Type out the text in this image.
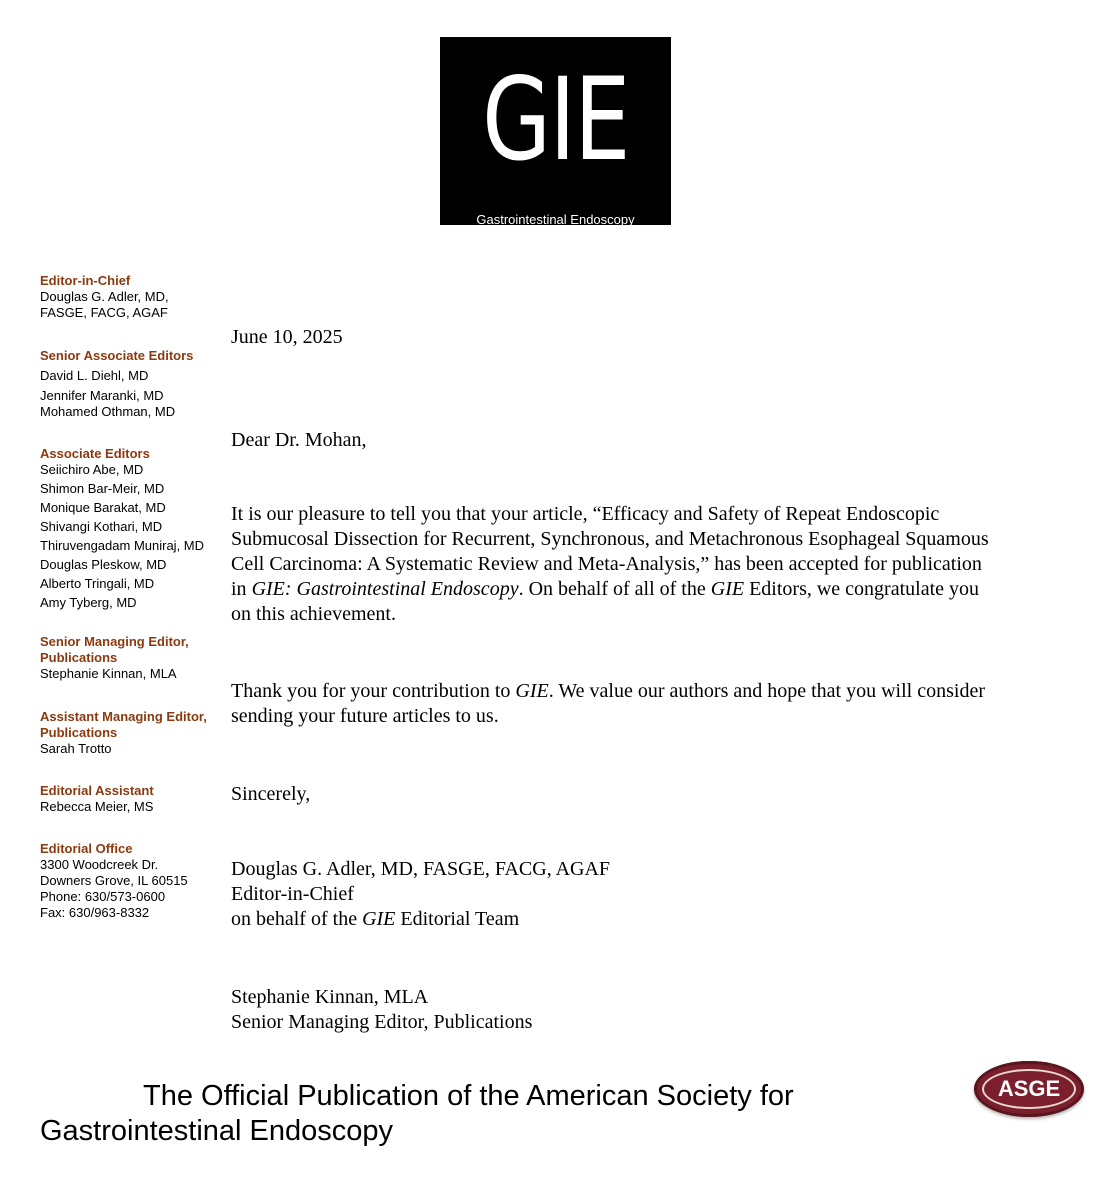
GIE
Gastrointestinal Endoscopy
Editor-in-Chief
Douglas G. Adler, MD,
FASGE, FACG, AGAF
Senior Associate Editors
David L. Diehl, MD
Jennifer Maranki, MD
Mohamed Othman, MD
Associate Editors
Seiichiro Abe, MD
Shimon Bar-Meir, MD
Monique Barakat, MD
Shivangi Kothari, MD
Thiruvengadam Muniraj, MD
Douglas Pleskow, MD
Alberto Tringali, MD
Amy Tyberg, MD
Senior Managing Editor, Publications
Stephanie Kinnan, MLA
Assistant Managing Editor, Publications
Sarah Trotto
Editorial Assistant
Rebecca Meier, MS
Editorial Office
3300 Woodcreek Dr.
Downers Grove, IL 60515
Phone: 630/573-0600
Fax: 630/963-8332
June 10, 2025
Dear Dr. Mohan,

It is our pleasure to tell you that your article, “Efficacy and Safety of Repeat Endoscopic Submucosal Dissection for Recurrent, Synchronous, and Metachronous Esophageal Squamous Cell Carcinoma: A Systematic Review and Meta-Analysis,” has been accepted for publication in GIE: Gastrointestinal Endoscopy. On behalf of all of the GIE Editors, we congratulate you on this achievement.

Thank you for your contribution to GIE. We value our authors and hope that you will consider sending your future articles to us.

Sincerely,
Douglas G. Adler, MD, FASGE, FACG, AGAF
Editor-in-Chief
on behalf of the GIE Editorial Team
Stephanie Kinnan, MLA
Senior Managing Editor, Publications
The Official Publication of the American Society for
Gastrointestinal Endoscopy
ASGE
